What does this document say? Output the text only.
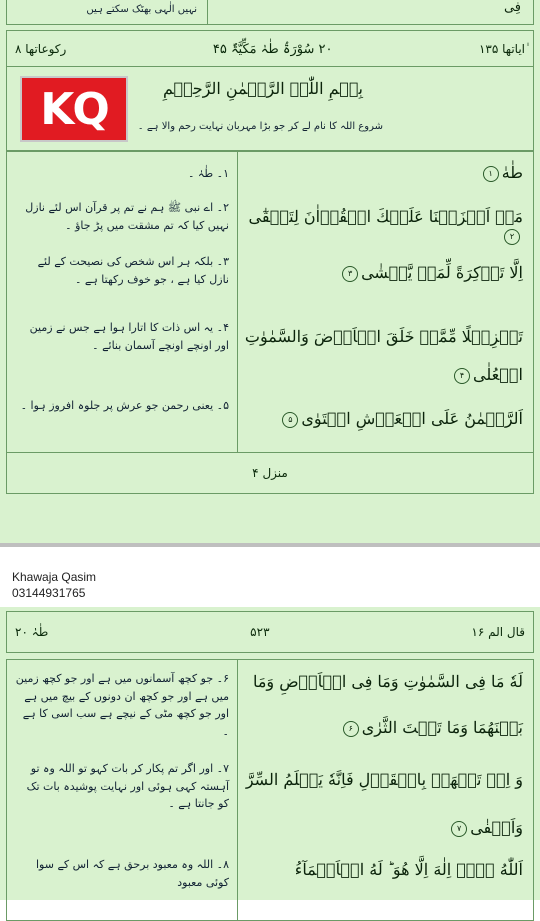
نہیں الٰہی بھٹک سکتے ہیں	فِی
رکوعاتھا ۸	۲۰ سُوْرَۃُ طٰہٰ مَکِّیَّۃٌ ۴۵	ٰایاتھا ۱۳۵
بِسۡمِ اللّٰہِ الرَّحۡمٰنِ الرَّحِیۡمِ
شروع اللہ کا نام لے کر جو بڑا مہربان نہایت رحم والا ہے ۔
۱۔ طٰہٰ ۔
۲۔ اے نبی ﷺ ہم نے تم پر قرآن اس لئے نازل نہیں کیا کہ تم مشقت میں پڑ جاؤ ۔
۳۔ بلکہ ہر اس شخص کی نصیحت کے لئے نازل کیا ہے ، جو خوف رکھتا ہے ۔
۴۔ یہ اس ذات کا اتارا ہوا ہے جس نے زمین اور اونچے اونچے آسمان بنائے ۔
۵۔ یعنی رحمن جو عرش پر جلوہ افروز ہوا ۔
طٰهٰ۱
مَاۤ اَنۡزَلۡنَا عَلَيۡكَ الۡقُرۡاٰنَ لِتَشۡقٰٓى۲
اِلَّا تَذۡكِرَةً لِّمَنۡ يَّخۡشٰى۳
تَنۡزِيۡلًا مِّمَّنۡ خَلَقَ الۡاَرۡضَ وَالسَّمٰوٰتِ
الۡعُلٰى۴
اَلرَّحۡمٰنُ عَلَى الۡعَرۡشِ اسۡتَوٰى۵
منزل ۴
KQ
Khawaja Qasim
03144931765
طٰہٰ ۲۰	۵۲۳	قال الم ۱۶
۶۔ جو کچھ آسمانوں میں ہے اور جو کچھ زمین میں ہے اور جو کچھ ان دونوں کے بیچ میں ہے اور جو کچھ مٹی کے نیچے ہے سب اسی کا ہے ۔
۷۔ اور اگر تم پکار کر بات کہو تو اللہ وہ تو آہستہ کہی ہوئی اور نہایت پوشیدہ بات تک کو جانتا ہے ۔
۸۔ اللہ وہ معبود برحق ہے کہ اس کے سوا کوئی معبود
لَهٗ مَا فِى السَّمٰوٰتِ وَمَا فِى الۡاَرۡضِ وَمَا
بَيۡنَهُمَا وَمَا تَحۡتَ الثَّرٰى۶
وَ اِنۡ تَجۡهَرۡ بِالۡقَوۡلِ فَاِنَّهٗ يَعۡلَمُ السِّرَّ
وَاَخۡفٰى۷
اَللّٰهُ لَاۤ اِلٰهَ اِلَّا هُوَ ؕ لَهُ الۡاَسۡمَآءُ
